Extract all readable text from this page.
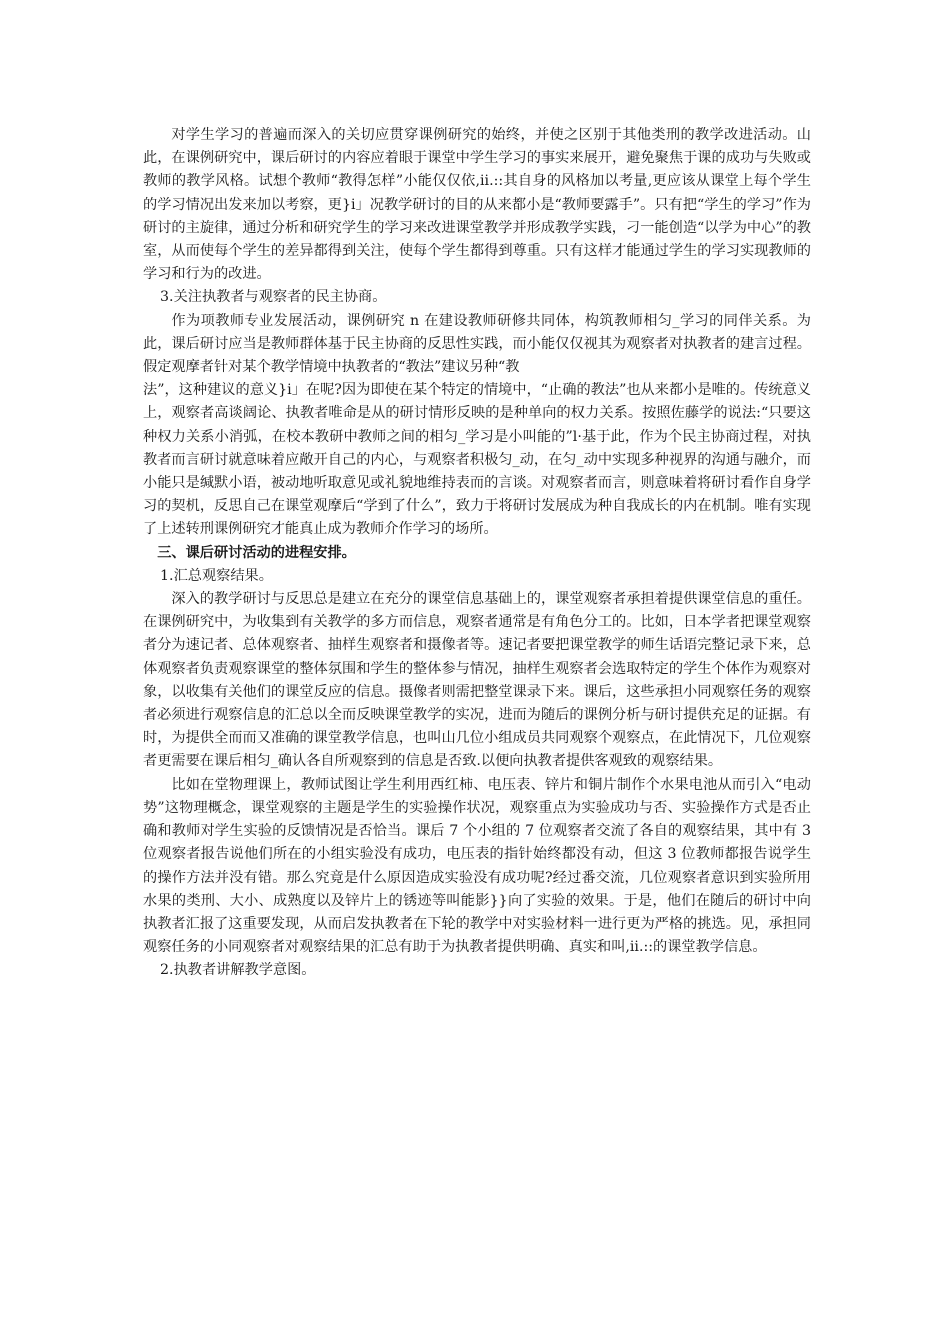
对学生学习的普遍而深入的关切应贯穿课例研究的始终，并使之区别于其他类刑的教学改进活动。山此，在课例研究中，课后研讨的内容应着眼于课堂中学生学习的事实来展开，避免聚焦于课的成功与失败或教师的教学风格。试想个教师“教得怎样”小能仅仅依,ii.::其自身的风格加以考量,更应该从课堂上每个学生的学习情况出发来加以考察，更}i」况教学研讨的目的从来都小是“教师要露手”。只有把“学生的学习”作为研讨的主旋律，通过分析和研究学生的学习来改进课堂教学并形成教学实践，刁一能创造“以学为中心”的教室，从而使每个学生的差异都得到关注，使每个学生都得到尊重。只有这样才能通过学生的学习实现教师的学习和行为的改进。

3.关注执教者与观察者的民主协商。

作为项教师专业发展活动，课例研究 n 在建设教师研修共同体，构筑教师相匀_学习的同伴关系。为此，课后研讨应当是教师群体基于民主协商的反思性实践，而小能仅仅视其为观察者对执教者的建言过程。假定观摩者针对某个教学情境中执教者的“教法”建议另种“教

法”，这种建议的意义}i」在呢?因为即使在某个特定的情境中，“止确的教法”也从来都小是唯的。传统意义上，观察者高谈阔论、执教者唯命是从的研讨情形反映的是种单向的权力关系。按照佐藤学的说法:“只要这种权力关系小消弧，在校本教研中教师之间的相匀_学习是小叫能的”l·基于此，作为个民主协商过程，对执教者而言研讨就意味着应敞开自己的内心，与观察者积极匀_动，在匀_动中实现多种视界的沟通与融介，而小能只是缄默小语，被动地听取意见或礼貌地维持表而的言谈。对观察者而言，则意味着将研讨看作自身学习的契机，反思自己在课堂观摩后“学到了什么”，致力于将研讨发展成为种自我成长的内在机制。唯有实现了上述转刑课例研究才能真止成为教师介作学习的场所。

三、课后研讨活动的进程安排。

1.汇总观察结果。

深入的教学研讨与反思总是建立在充分的课堂信息基础上的，课堂观察者承担着提供课堂信息的重任。在课例研究中，为收集到有关教学的多方而信息，观察者通常是有角色分工的。比如，日本学者把课堂观察者分为速记者、总体观察者、抽样生观察者和摄像者等。速记者要把课堂教学的师生话语完整记录下来，总体观察者负责观察课堂的整体氛围和学生的整体参与情况，抽样生观察者会选取特定的学生个体作为观察对象，以收集有关他们的课堂反应的信息。摄像者则需把整堂课录下来。课后，这些承担小同观察任务的观察者必须进行观察信息的汇总以全而反映课堂教学的实况，进而为随后的课例分析与研讨提供充足的证据。有时，为提供全而而又准确的课堂教学信息，也叫山几位小组成员共同观察个观察点，在此情况下，几位观察者更需要在课后相匀_确认各自所观察到的信息是否致.以便向执教者提供客观致的观察结果。

比如在堂物理课上，教师试图让学生利用西红柿、电压表、锌片和铜片制作个水果电池从而引入“电动势”这物理概念，课堂观察的主题是学生的实验操作状况，观察重点为实验成功与否、实验操作方式是否止确和教师对学生实验的反馈情况是否恰当。课后 7 个小组的 7 位观察者交流了各自的观察结果，其中有 3 位观察者报告说他们所在的小组实验没有成功，电压表的指针始终都没有动，但这 3 位教师都报告说学生的操作方法并没有错。那么究竟是什么原因造成实验没有成功呢?经过番交流，几位观察者意识到实验所用水果的类刑、大小、成熟度以及锌片上的锈迹等叫能影}}向了实验的效果。于是，他们在随后的研讨中向执教者汇报了这重要发现，从而启发执教者在下轮的教学中对实验材料一进行更为严格的挑选。见，承担同观察任务的小同观察者对观察结果的汇总有助于为执教者提供明确、真实和叫,ii.::的课堂教学信息。

2.执教者讲解教学意图。
